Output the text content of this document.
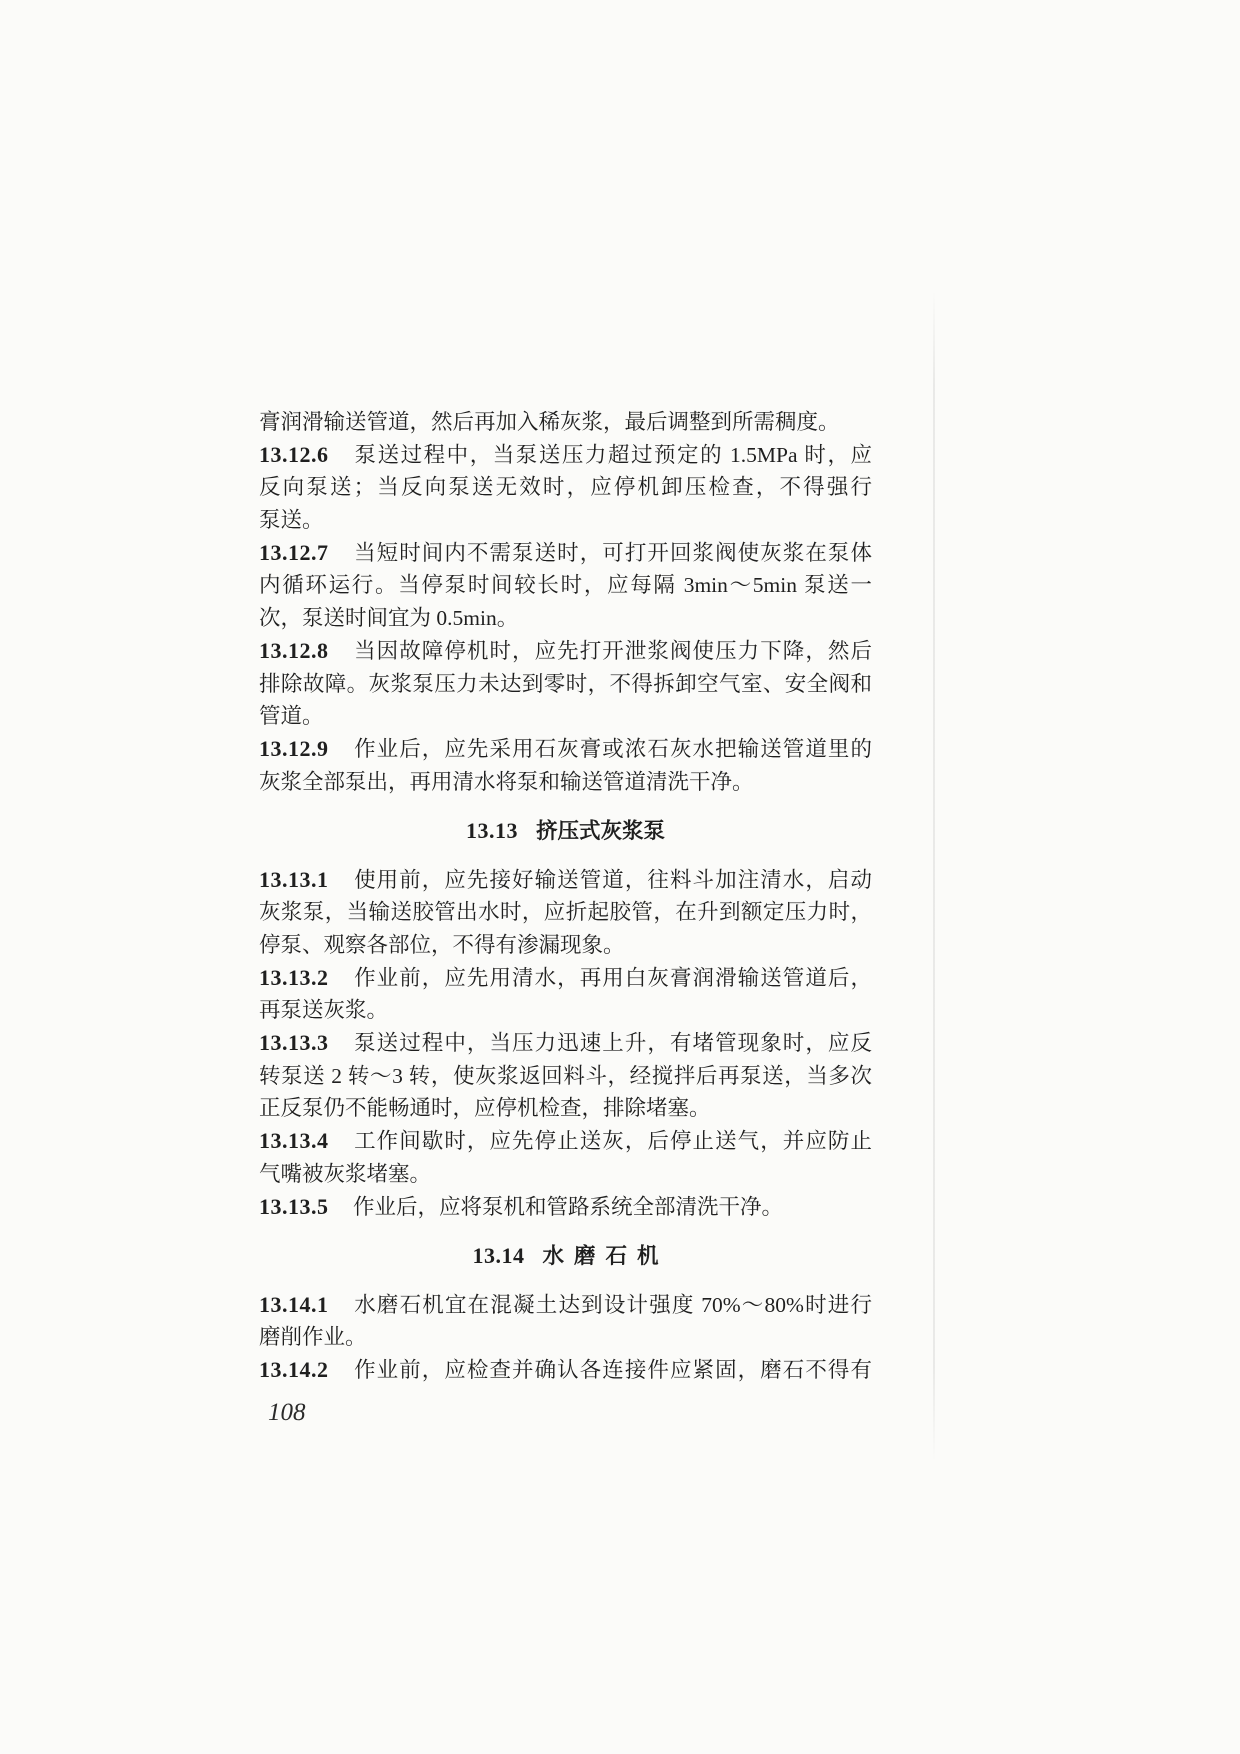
膏润滑输送管道，然后再加入稀灰浆，最后调整到所需稠度。
13.12.6 泵送过程中，当泵送压力超过预定的 1.5MPa 时，应
反向泵送；当反向泵送无效时，应停机卸压检查，不得强行
泵送。
13.12.7 当短时间内不需泵送时，可打开回浆阀使灰浆在泵体
内循环运行。当停泵时间较长时，应每隔 3min～5min 泵送一
次，泵送时间宜为 0.5min。
13.12.8 当因故障停机时，应先打开泄浆阀使压力下降，然后
排除故障。灰浆泵压力未达到零时，不得拆卸空气室、安全阀和
管道。
13.12.9 作业后，应先采用石灰膏或浓石灰水把输送管道里的
灰浆全部泵出，再用清水将泵和输送管道清洗干净。
13.13 挤压式灰浆泵
13.13.1 使用前，应先接好输送管道，往料斗加注清水，启动
灰浆泵，当输送胶管出水时，应折起胶管，在升到额定压力时，
停泵、观察各部位，不得有渗漏现象。
13.13.2 作业前，应先用清水，再用白灰膏润滑输送管道后，
再泵送灰浆。
13.13.3 泵送过程中，当压力迅速上升，有堵管现象时，应反
转泵送 2 转～3 转，使灰浆返回料斗，经搅拌后再泵送，当多次
正反泵仍不能畅通时，应停机检查，排除堵塞。
13.13.4 工作间歇时，应先停止送灰，后停止送气，并应防止
气嘴被灰浆堵塞。
13.13.5 作业后，应将泵机和管路系统全部清洗干净。
13.14 水磨石机
13.14.1 水磨石机宜在混凝土达到设计强度 70%～80%时进行
磨削作业。
13.14.2 作业前，应检查并确认各连接件应紧固，磨石不得有
108
